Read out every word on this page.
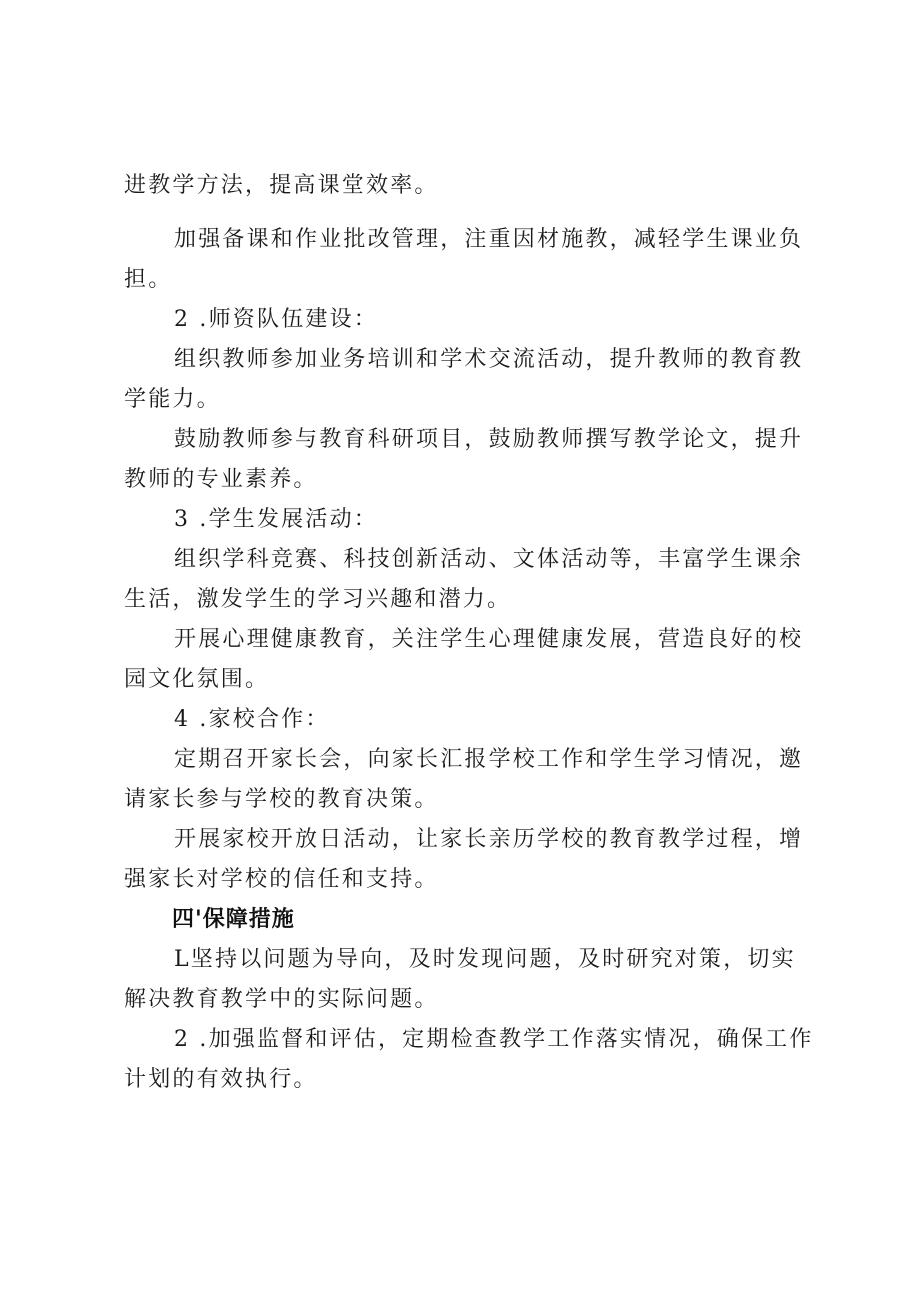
进教学方法，提高课堂效率。

加强备课和作业批改管理，注重因材施教，减轻学生课业负担。

2 .师资队伍建设：

组织教师参加业务培训和学术交流活动，提升教师的教育教学能力。

鼓励教师参与教育科研项目，鼓励教师撰写教学论文，提升教师的专业素养。

3 .学生发展活动：

组织学科竞赛、科技创新活动、文体活动等，丰富学生课余生活，激发学生的学习兴趣和潜力。

开展心理健康教育，关注学生心理健康发展，营造良好的校园文化氛围。

4 .家校合作：

定期召开家长会，向家长汇报学校工作和学生学习情况，邀请家长参与学校的教育决策。

开展家校开放日活动，让家长亲历学校的教育教学过程，增强家长对学校的信任和支持。

四'保障措施

L坚持以问题为导向，及时发现问题，及时研究对策，切实解决教育教学中的实际问题。

2 .加强监督和评估，定期检查教学工作落实情况，确保工作计划的有效执行。
